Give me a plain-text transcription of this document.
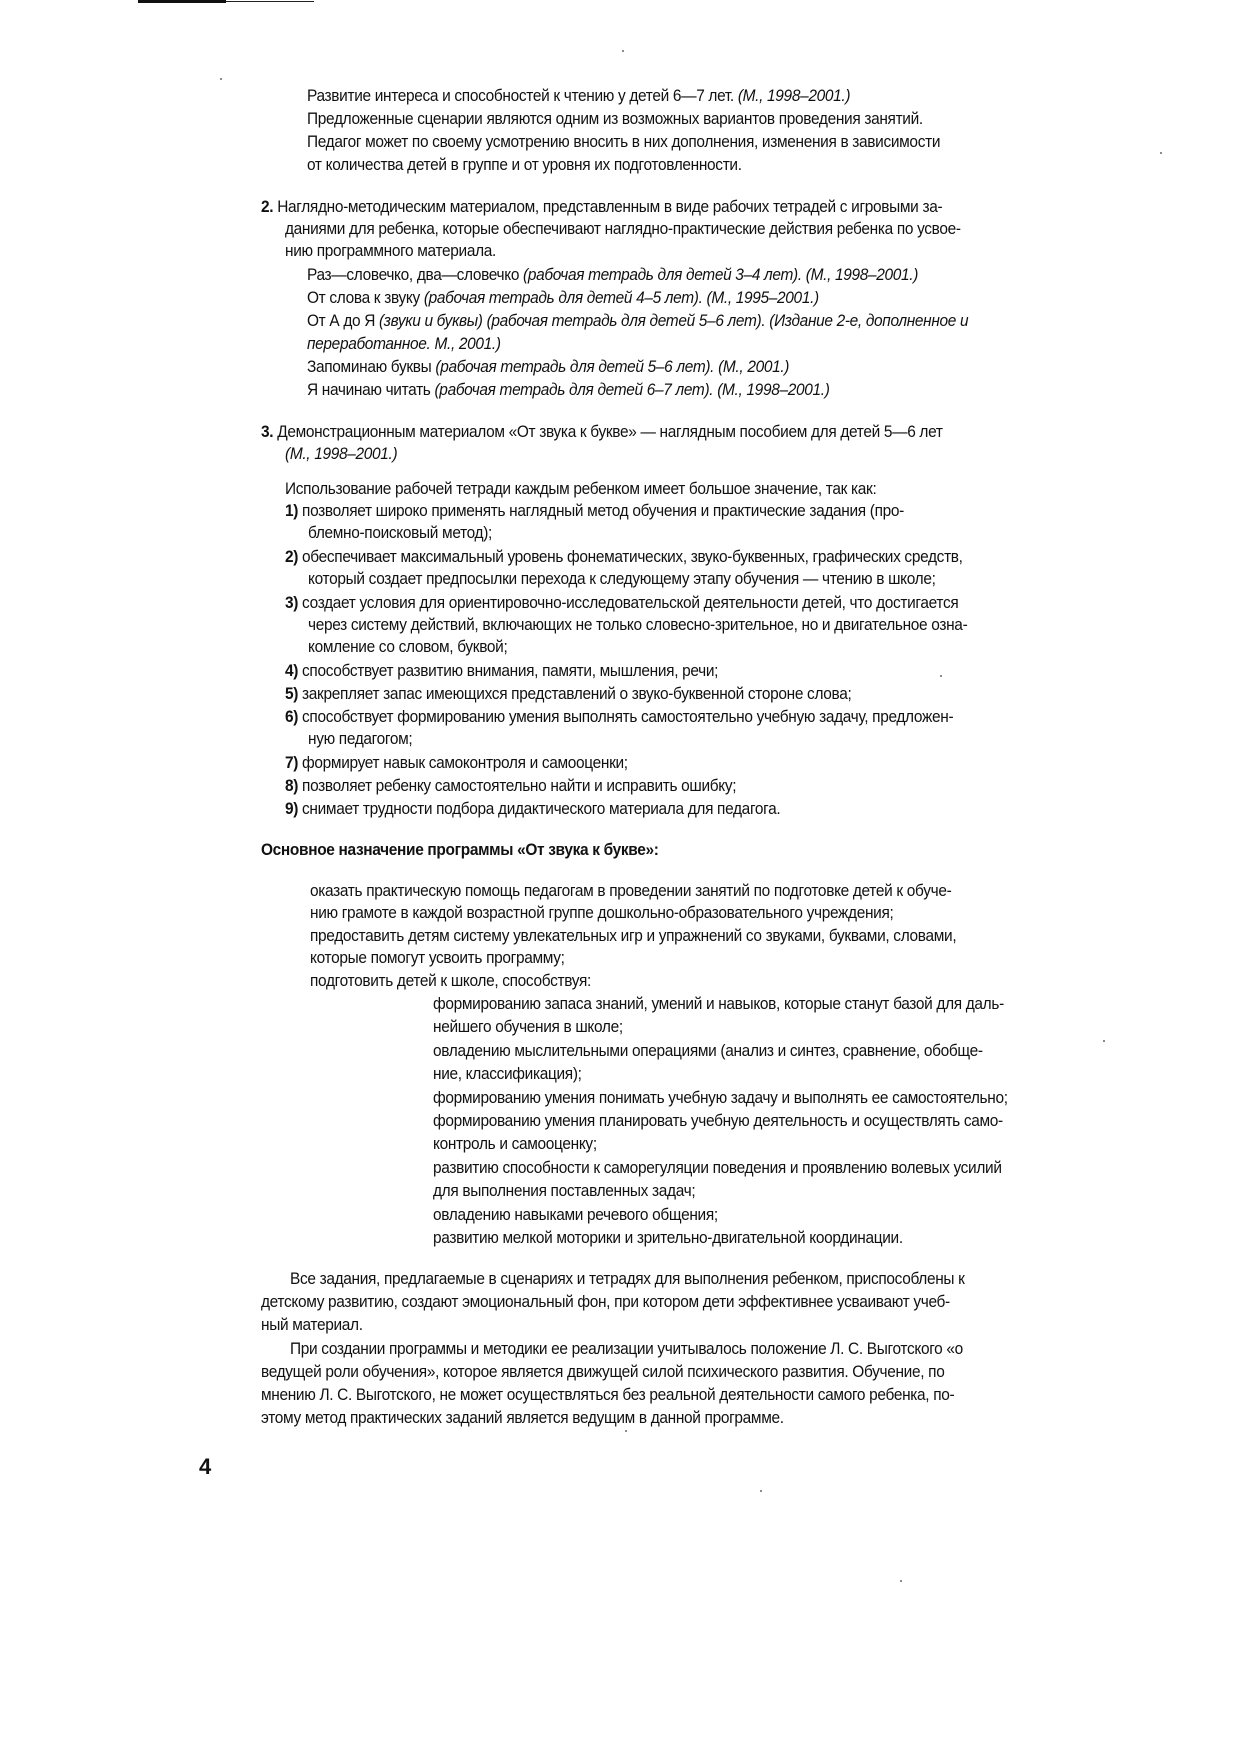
Развитие интереса и способностей к чтению у детей 6—7 лет. (М., 1998–2001.)
Предложенные сценарии являются одним из возможных вариантов проведения занятий.
Педагог может по своему усмотрению вносить в них дополнения, изменения в зависимости
от количества детей в группе и от уровня их подготовленности.
2. Наглядно-методическим материалом, представленным в виде рабочих тетрадей с игровыми за-
даниями для ребенка, которые обеспечивают наглядно-практические действия ребенка по усвое-
нию программного материала.
Раз—словечко, два—словечко (рабочая тетрадь для детей 3–4 лет). (М., 1998–2001.)
От слова к звуку (рабочая тетрадь для детей 4–5 лет). (М., 1995–2001.)
От А до Я (звуки и буквы) (рабочая тетрадь для детей 5–6 лет). (Издание 2-е, дополненное и
переработанное. М., 2001.)
Запоминаю буквы (рабочая тетрадь для детей 5–6 лет). (М., 2001.)
Я начинаю читать (рабочая тетрадь для детей 6–7 лет). (М., 1998–2001.)
3. Демонстрационным материалом «От звука к букве» — наглядным пособием для детей 5—6 лет
(М., 1998–2001.)
Использование рабочей тетради каждым ребенком имеет большое значение, так как:
1) позволяет широко применять наглядный метод обучения и практические задания (про-
блемно-поисковый метод);
2) обеспечивает максимальный уровень фонематических, звуко-буквенных, графических средств,
который создает предпосылки перехода к следующему этапу обучения — чтению в школе;
3) создает условия для ориентировочно-исследовательской деятельности детей, что достигается
через систему действий, включающих не только словесно-зрительное, но и двигательное озна-
комление со словом, буквой;
4) способствует развитию внимания, памяти, мышления, речи;
5) закрепляет запас имеющихся представлений о звуко-буквенной стороне слова;
6) способствует формированию умения выполнять самостоятельно учебную задачу, предложен-
ную педагогом;
7) формирует навык самоконтроля и самооценки;
8) позволяет ребенку самостоятельно найти и исправить ошибку;
9) снимает трудности подбора дидактического материала для педагога.
Основное назначение программы «От звука к букве»:
оказать практическую помощь педагогам в проведении занятий по подготовке детей к обуче-
нию грамоте в каждой возрастной группе дошкольно-образовательного учреждения;
предоставить детям систему увлекательных игр и упражнений со звуками, буквами, словами,
которые помогут усвоить программу;
подготовить детей к школе, способствуя:
формированию запаса знаний, умений и навыков, которые станут базой для даль-
нейшего обучения в школе;
овладению мыслительными операциями (анализ и синтез, сравнение, обобще-
ние, классификация);
формированию умения понимать учебную задачу и выполнять ее самостоятельно;
формированию умения планировать учебную деятельность и осуществлять само-
контроль и самооценку;
развитию способности к саморегуляции поведения и проявлению волевых усилий
для выполнения поставленных задач;
овладению навыками речевого общения;
развитию мелкой моторики и зрительно-двигательной координации.
Все задания, предлагаемые в сценариях и тетрадях для выполнения ребенком, приспособлены к
детскому развитию, создают эмоциональный фон, при котором дети эффективнее усваивают учеб-
ный материал.
При создании программы и методики ее реализации учитывалось положение Л. С. Выготского «о
ведущей роли обучения», которое является движущей силой психического развития. Обучение, по
мнению Л. С. Выготского, не может осуществляться без реальной деятельности самого ребенка, по-
этому метод практических заданий является ведущим в данной программе.
4
